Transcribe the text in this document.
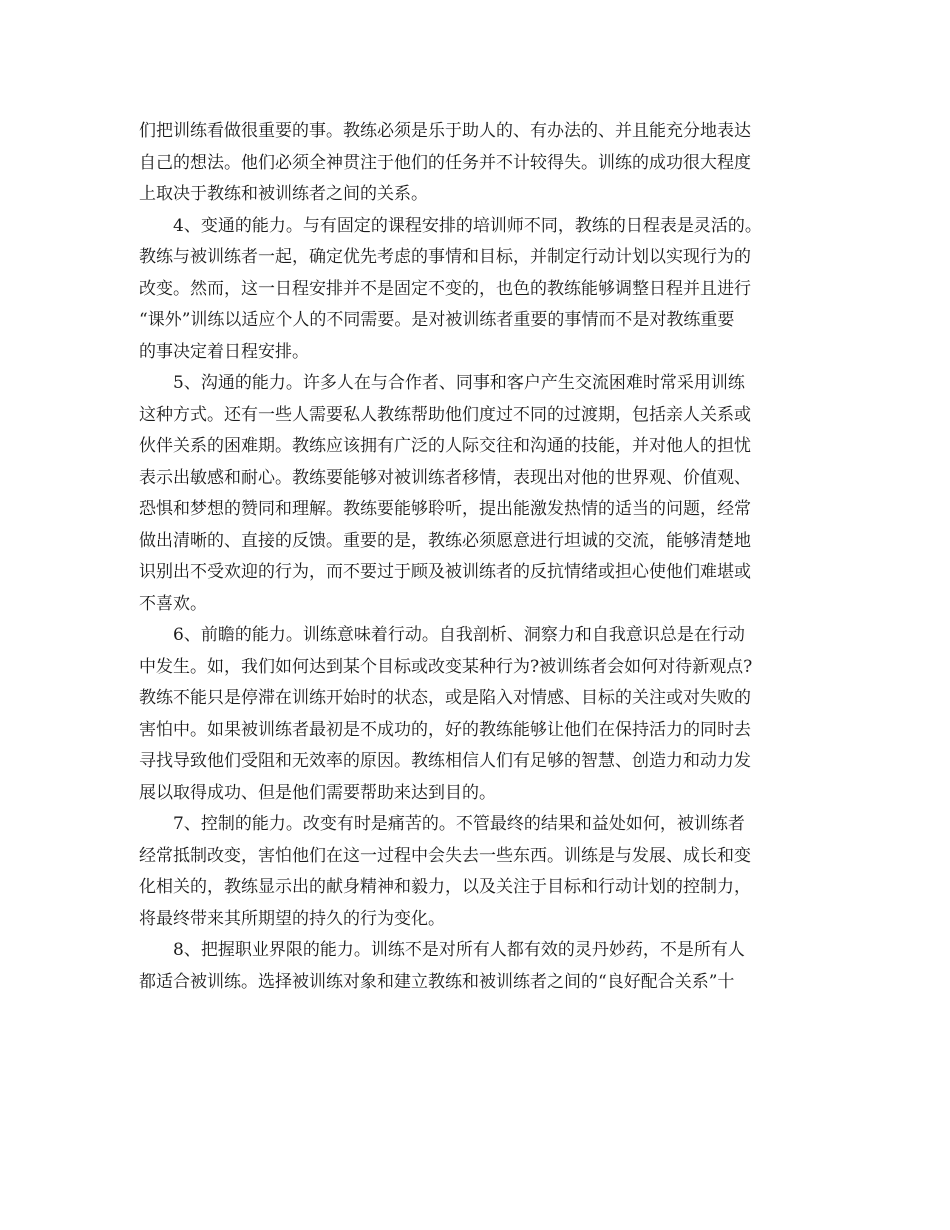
们把训练看做很重要的事。教练必须是乐于助人的、有办法的、并且能充分地表达
自己的想法。他们必须全神贯注于他们的任务并不计较得失。训练的成功很大程度
上取决于教练和被训练者之间的关系。
4、变通的能力。与有固定的课程安排的培训师不同，教练的日程表是灵活的。
教练与被训练者一起，确定优先考虑的事情和目标，并制定行动计划以实现行为的
改变。然而，这一日程安排并不是固定不变的，也色的教练能够调整日程并且进行
“课外”训练以适应个人的不同需要。是对被训练者重要的事情而不是对教练重要
的事决定着日程安排。
5、沟通的能力。许多人在与合作者、同事和客户产生交流困难时常采用训练
这种方式。还有一些人需要私人教练帮助他们度过不同的过渡期，包括亲人关系或
伙伴关系的困难期。教练应该拥有广泛的人际交往和沟通的技能，并对他人的担忧
表示出敏感和耐心。教练要能够对被训练者移情，表现出对他的世界观、价值观、
恐惧和梦想的赞同和理解。教练要能够聆听，提出能激发热情的适当的问题，经常
做出清晰的、直接的反馈。重要的是，教练必须愿意进行坦诚的交流，能够清楚地
识别出不受欢迎的行为，而不要过于顾及被训练者的反抗情绪或担心使他们难堪或
不喜欢。
6、前瞻的能力。训练意味着行动。自我剖析、洞察力和自我意识总是在行动
中发生。如，我们如何达到某个目标或改变某种行为?被训练者会如何对待新观点?
教练不能只是停滞在训练开始时的状态，或是陷入对情感、目标的关注或对失败的
害怕中。如果被训练者最初是不成功的，好的教练能够让他们在保持活力的同时去
寻找导致他们受阻和无效率的原因。教练相信人们有足够的智慧、创造力和动力发
展以取得成功、但是他们需要帮助来达到目的。
7、控制的能力。改变有时是痛苦的。不管最终的结果和益处如何，被训练者
经常抵制改变，害怕他们在这一过程中会失去一些东西。训练是与发展、成长和变
化相关的，教练显示出的献身精神和毅力，以及关注于目标和行动计划的控制力，
将最终带来其所期望的持久的行为变化。
8、把握职业界限的能力。训练不是对所有人都有效的灵丹妙药，不是所有人
都适合被训练。选择被训练对象和建立教练和被训练者之间的“良好配合关系”十
